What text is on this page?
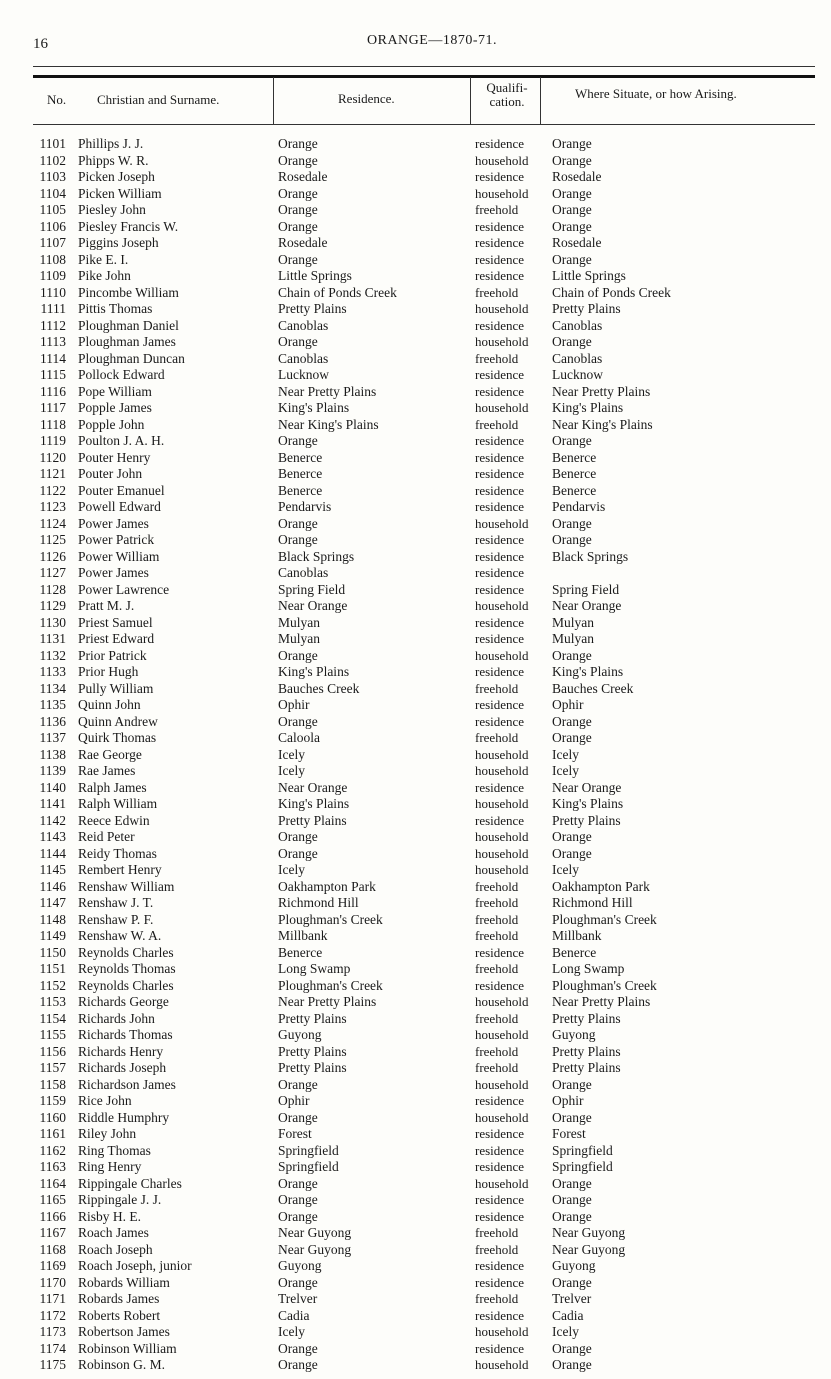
16	ORANGE—1870-71.
No. Christian and Surname.	Residence.
Qualifi-
cation.
Where Situate, or how Arising.
1101 Phillips J. J.	Orange	residence Orange
1102 Phipps W. R.	Orange	household Orange
1103 Picken Joseph	Rosedale	residence Rosedale
1104 Picken William	Orange	household Orange
1105 Piesley John	Orange	freehold Orange
1106 Piesley Francis W.	Orange	residence Orange
1107 Piggins Joseph	Rosedale	residence Rosedale
1108 Pike E. I.	Orange	residence Orange
1109 Pike John	Little Springs	residence Little Springs
1110 Pincombe William	Chain of Ponds Creek	freehold Chain of Ponds Creek
1111 Pittis Thomas	Pretty Plains	household Pretty Plains
1112 Ploughman Daniel	Canoblas	residence Canoblas
1113 Ploughman James	Orange	household Orange
1114 Ploughman Duncan	Canoblas	freehold Canoblas
1115 Pollock Edward	Lucknow	residence Lucknow
1116 Pope William	Near Pretty Plains	residence Near Pretty Plains
1117 Popple James	King's Plains	household King's Plains
1118 Popple John	Near King's Plains	freehold Near King's Plains
1119 Poulton J. A. H.	Orange	residence Orange
1120 Pouter Henry	Benerce	residence Benerce
1121 Pouter John	Benerce	residence Benerce
1122 Pouter Emanuel	Benerce	residence Benerce
1123 Powell Edward	Pendarvis	residence Pendarvis
1124 Power James	Orange	household Orange
1125 Power Patrick	Orange	residence Orange
1126 Power William	Black Springs	residence Black Springs
1127 Power James	Canoblas	residence
1128 Power Lawrence	Spring Field	residence Spring Field
1129 Pratt M. J.	Near Orange	household Near Orange
1130 Priest Samuel	Mulyan	residence Mulyan
1131 Priest Edward	Mulyan	residence Mulyan
1132 Prior Patrick	Orange	household Orange
1133 Prior Hugh	King's Plains	residence King's Plains
1134 Pully William	Bauches Creek	freehold Bauches Creek
1135 Quinn John	Ophir	residence Ophir
1136 Quinn Andrew	Orange	residence Orange
1137 Quirk Thomas	Caloola	freehold Orange
1138 Rae George	Icely	household Icely
1139 Rae James	Icely	household Icely
1140 Ralph James	Near Orange	residence Near Orange
1141 Ralph William	King's Plains	household King's Plains
1142 Reece Edwin	Pretty Plains	residence Pretty Plains
1143 Reid Peter	Orange	household Orange
1144 Reidy Thomas	Orange	household Orange
1145 Rembert Henry	Icely	household Icely
1146 Renshaw William	Oakhampton Park	freehold Oakhampton Park
1147 Renshaw J. T.	Richmond Hill	freehold Richmond Hill
1148 Renshaw P. F.	Ploughman's Creek	freehold Ploughman's Creek
1149 Renshaw W. A.	Millbank	freehold Millbank
1150 Reynolds Charles	Benerce	residence Benerce
1151 Reynolds Thomas	Long Swamp	freehold Long Swamp
1152 Reynolds Charles	Ploughman's Creek	residence Ploughman's Creek
1153 Richards George	Near Pretty Plains	household Near Pretty Plains
1154 Richards John	Pretty Plains	freehold Pretty Plains
1155 Richards Thomas	Guyong	household Guyong
1156 Richards Henry	Pretty Plains	freehold Pretty Plains
1157 Richards Joseph	Pretty Plains	freehold Pretty Plains
1158 Richardson James	Orange	household Orange
1159 Rice John	Ophir	residence Ophir
1160 Riddle Humphry	Orange	household Orange
1161 Riley John	Forest	residence Forest
1162 Ring Thomas	Springfield	residence Springfield
1163 Ring Henry	Springfield	residence Springfield
1164 Rippingale Charles	Orange	household Orange
1165 Rippingale J. J.	Orange	residence Orange
1166 Risby H. E.	Orange	residence Orange
1167 Roach James	Near Guyong	freehold Near Guyong
1168 Roach Joseph	Near Guyong	freehold Near Guyong
1169 Roach Joseph, junior	Guyong	residence Guyong
1170 Robards William	Orange	residence Orange
1171 Robards James	Trelver	freehold Trelver
1172 Roberts Robert	Cadia	residence Cadia
1173 Robertson James	Icely	household Icely
1174 Robinson William	Orange	residence Orange
1175 Robinson G. M.	Orange	household Orange
